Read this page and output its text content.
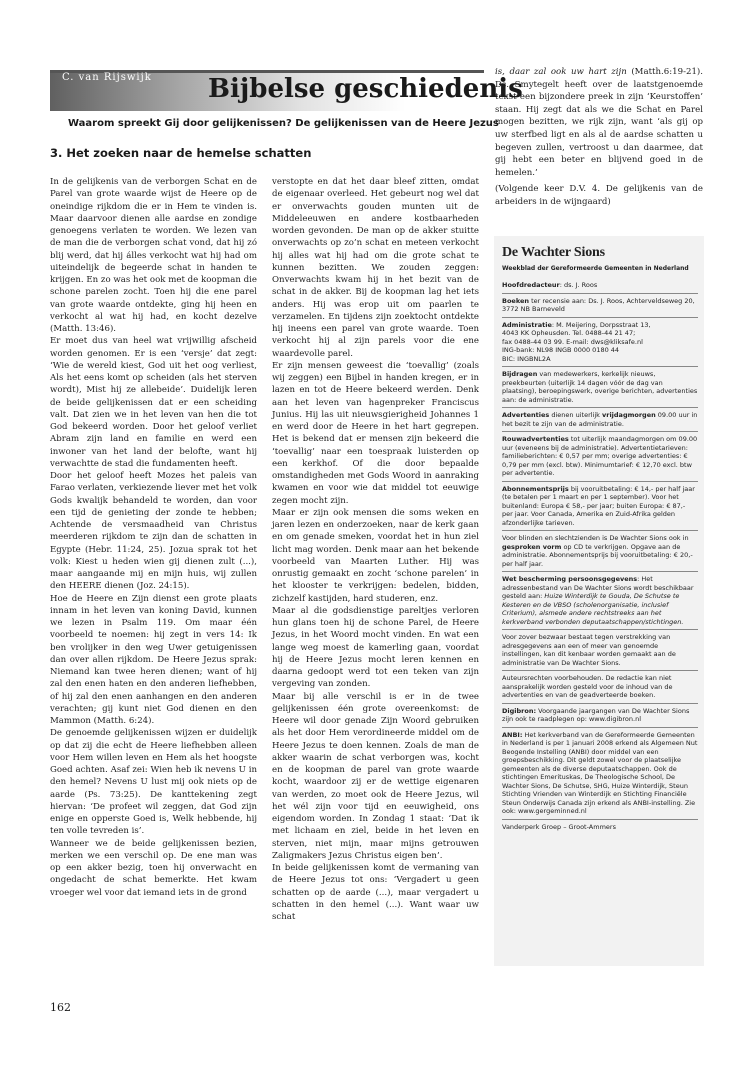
C. van Rijswijk Bijbelse geschiedenis
Waarom spreekt Gij door gelijkenissen? De gelijkenissen van de Heere Jezus
3. Het zoeken naar de hemelse schatten

In de gelijkenis van de verborgen Schat en de Parel van grote waarde wijst de Heere op de oneindige rijkdom die er in Hem te vinden is. Maar daarvoor dienen alle aardse en zondige genoegens verlaten te worden. We lezen van de man die de verborgen schat vond, dat hij zó blij werd, dat hij álles verkocht wat hij had om uiteindelijk de begeerde schat in handen te krijgen. En zo was het ook met de koopman die schone parelen zocht. Toen hij die ene parel van grote waarde ontdekte, ging hij heen en verkocht al wat hij had, en kocht dezelve (Matth. 13:46).

Er moet dus van heel wat vrijwillig afscheid worden genomen. Er is een ‘versje’ dat zegt: ‘Wie de wereld kiest, God uit het oog verliest, Als het eens komt op scheiden (als het sterven wordt), Mist hij ze allebeide’. Duidelijk leren de beide gelijkenissen dat er een scheiding valt. Dat zien we in het leven van hen die tot God bekeerd worden. Door het geloof verliet Abram zijn land en familie en werd een inwoner van het land der belofte, want hij verwachtte de stad die fundamenten heeft.

Door het geloof heeft Mozes het paleis van Farao verlaten, verkiezende liever met het volk Gods kwalijk behandeld te worden, dan voor een tijd de genieting der zonde te hebben; Achtende de versmaadheid van Christus meerderen rijkdom te zijn dan de schatten in Egypte (Hebr. 11:24, 25). Jozua sprak tot het volk: Kiest u heden wien gij dienen zult (...), maar aangaande mij en mijn huis, wij zullen den HEERE dienen (Joz. 24:15).

Hoe de Heere en Zijn dienst een grote plaats innam in het leven van koning David, kunnen we lezen in Psalm 119. Om maar één voorbeeld te noemen: hij zegt in vers 14: Ik ben vrolijker in den weg Uwer getuigenissen dan over allen rijkdom. De Heere Jezus sprak: Niemand kan twee heren dienen; want of hij zal den enen haten en den anderen liefhebben, of hij zal den enen aanhangen en den anderen verachten; gij kunt niet God dienen en den Mammon (Matth. 6:24).

De genoemde gelijkenissen wijzen er duidelijk op dat zij die echt de Heere liefhebben alleen voor Hem willen leven en Hem als het hoogste Goed achten. Asaf zei: Wien heb ik nevens U in den hemel? Nevens U lust mij ook niets op de aarde (Ps. 73:25). De kanttekening zegt hiervan: ‘De profeet wil zeggen, dat God zijn enige en opperste Goed is, Welk hebbende, hij ten volle tevreden is’.

Wanneer we de beide gelijkenissen bezien, merken we een verschil op. De ene man was op een akker bezig, toen hij onverwacht en ongedacht de schat bemerkte. Het kwam vroeger wel voor dat iemand iets in de grond

verstopte en dat het daar bleef zitten, omdat de eigenaar overleed. Het gebeurt nog wel dat er onverwachts gouden munten uit de Middeleeuwen en andere kostbaarheden worden gevonden. De man op de akker stuitte onverwachts op zo’n schat en meteen verkocht hij alles wat hij had om die grote schat te kunnen bezitten. We zouden zeggen: Onverwachts kwam hij in het bezit van de schat in de akker. Bij de koopman lag het iets anders. Hij was erop uit om paarlen te verzamelen. En tijdens zijn zoektocht ontdekte hij ineens een parel van grote waarde. Toen verkocht hij al zijn parels voor die ene waardevolle parel.

Er zijn mensen geweest die ‘toevallig’ (zoals wij zeggen) een Bijbel in handen kregen, er in lazen en tot de Heere bekeerd werden. Denk aan het leven van hagenpreker Franciscus Junius. Hij las uit nieuwsgierigheid Johannes 1 en werd door de Heere in het hart gegrepen. Het is bekend dat er mensen zijn bekeerd die ‘toevallig’ naar een toespraak luisterden op een kerkhof. Of die door bepaalde omstandigheden met Gods Woord in aanraking kwamen en voor wie dat middel tot eeuwige zegen mocht zijn.

Maar er zijn ook mensen die soms weken en jaren lezen en onderzoeken, naar de kerk gaan en om genade smeken, voordat het in hun ziel licht mag worden. Denk maar aan het bekende voorbeeld van Maarten Luther. Hij was onrustig gemaakt en zocht ‘schone parelen’ in het klooster te verkrijgen: bedelen, bidden, zichzelf kastijden, hard studeren, enz.

Maar al die godsdienstige pareltjes verloren hun glans toen hij de schone Parel, de Heere Jezus, in het Woord mocht vinden. En wat een lange weg moest de kamerling gaan, voordat hij de Heere Jezus mocht leren kennen en daarna gedoopt werd tot een teken van zijn vergeving van zonden.

Maar bij alle verschil is er in de twee gelijkenissen één grote overeenkomst: de Heere wil door genade Zijn Woord gebruiken als het door Hem verordineerde middel om de Heere Jezus te doen kennen. Zoals de man de akker waarin de schat verborgen was, kocht en de koopman de parel van grote waarde kocht, waardoor zij er de wettige eigenaren van werden, zo moet ook de Heere Jezus, wil het wél zijn voor tijd en eeuwigheid, ons eigendom worden. In Zondag 1 staat: ‘Dat ik met lichaam en ziel, beide in het leven en sterven, niet mijn, maar mijns getrouwen Zaligmakers Jezus Christus eigen ben’.

In beide gelijkenissen komt de vermaning van de Heere Jezus tot ons: ‘Vergadert u geen schatten op de aarde (...), maar vergadert u schatten in den hemel (...). Want waar uw schat

is, daar zal ook uw hart zijn (Matth.6:19-21). Ds. Smytegelt heeft over de laatstgenoemde tekst een bijzondere preek in zijn ‘Keurstoffen’ staan. Hij zegt dat als we die Schat en Parel mogen bezitten, we rijk zijn, want ‘als gij op uw sterfbed ligt en als al de aardse schatten u begeven zullen, vertroost u dan daarmee, dat gij hebt een beter en blijvend goed in de hemelen.’

(Volgende keer D.V. 4. De gelijkenis van de arbeiders in de wijngaard)

De Wachter Sions
Weekblad der Gereformeerde Gemeenten in Nederland

Hoofdredacteur: ds. J. Roos

Boeken ter recensie aan: Ds. J. Roos, Achterveldseweg 20, 3772 NB Barneveld

Administratie: M. Meijering, Dorpsstraat 13,
4043 KK Opheusden. Tel. 0488-44 21 47;
fax 0488-44 03 99. E-mail: dws@kliksafe.nl
ING-bank: NL98 INGB 0000 0180 44
BIC: INGBNL2A

Bijdragen van medewerkers, kerkelijk nieuws, preekbeurten (uiterlijk 14 dagen vóór de dag van plaatsing), beroepingswerk, overige berichten, advertenties aan: de administratie.

Advertenties dienen uiterlijk vrijdagmorgen 09.00 uur in het bezit te zijn van de administratie.

Rouwadvertenties tot uiterlijk maandagmorgen om 09.00 uur (eveneens bij de administratie). Advertentietarieven: familieberichten: € 0,57 per mm; overige advertenties: € 0,79 per mm (excl. btw). Minimumtarief: € 12,70 excl. btw per advertentie.

Abonnementsprijs bij vooruitbetaling: € 14,- per half jaar (te betalen per 1 maart en per 1 september). Voor het buitenland: Europa € 58,- per jaar; buiten Europa: € 87,- per jaar. Voor Canada, Amerika en Zuid-Afrika gelden afzonderlijke tarieven.

Voor blinden en slechtzienden is De Wachter Sions ook in gesproken vorm op CD te verkrijgen. Opgave aan de administratie. Abonnementsprijs bij vooruitbetaling: € 20,- per half jaar.

Wet bescherming persoonsgegevens: Het adressenbestand van De Wachter Sions wordt beschikbaar gesteld aan: Huize Winterdijk te Gouda, De Schutse te Kesteren en de VBSO (scholenorganisatie, inclusief Criterium), alsmede andere rechtstreeks aan het kerkverband verbonden deputaatschappen/stichtingen.

Voor zover bezwaar bestaat tegen verstrekking van adresgegevens aan een of meer van genoemde instellingen, kan dit kenbaar worden gemaakt aan de administratie van De Wachter Sions.

Auteursrechten voorbehouden. De redactie kan niet aansprakelijk worden gesteld voor de inhoud van de advertenties en van de geadverteerde boeken.

Digibron: Voorgaande jaargangen van De Wachter Sions zijn ook te raadplegen op: www.digibron.nl

ANBI: Het kerkverband van de Gereformeerde Gemeenten in Nederland is per 1 januari 2008 erkend als Algemeen Nut Beogende Instelling (ANBI) door middel van een groepsbeschikking. Dit geldt zowel voor de plaatselijke gemeenten als de diverse deputaatschappen. Ook de stichtingen Emerituskas, De Theologische School, De Wachter Sions, De Schutse, SHG, Huize Winterdijk, Steun Stichting Vrienden van Winterdijk en Stichting Financiële Steun Onderwijs Canada zijn erkend als ANBI-instelling. Zie ook: www.gergeminned.nl

Vanderperk Groep – Groot-Ammers

162
